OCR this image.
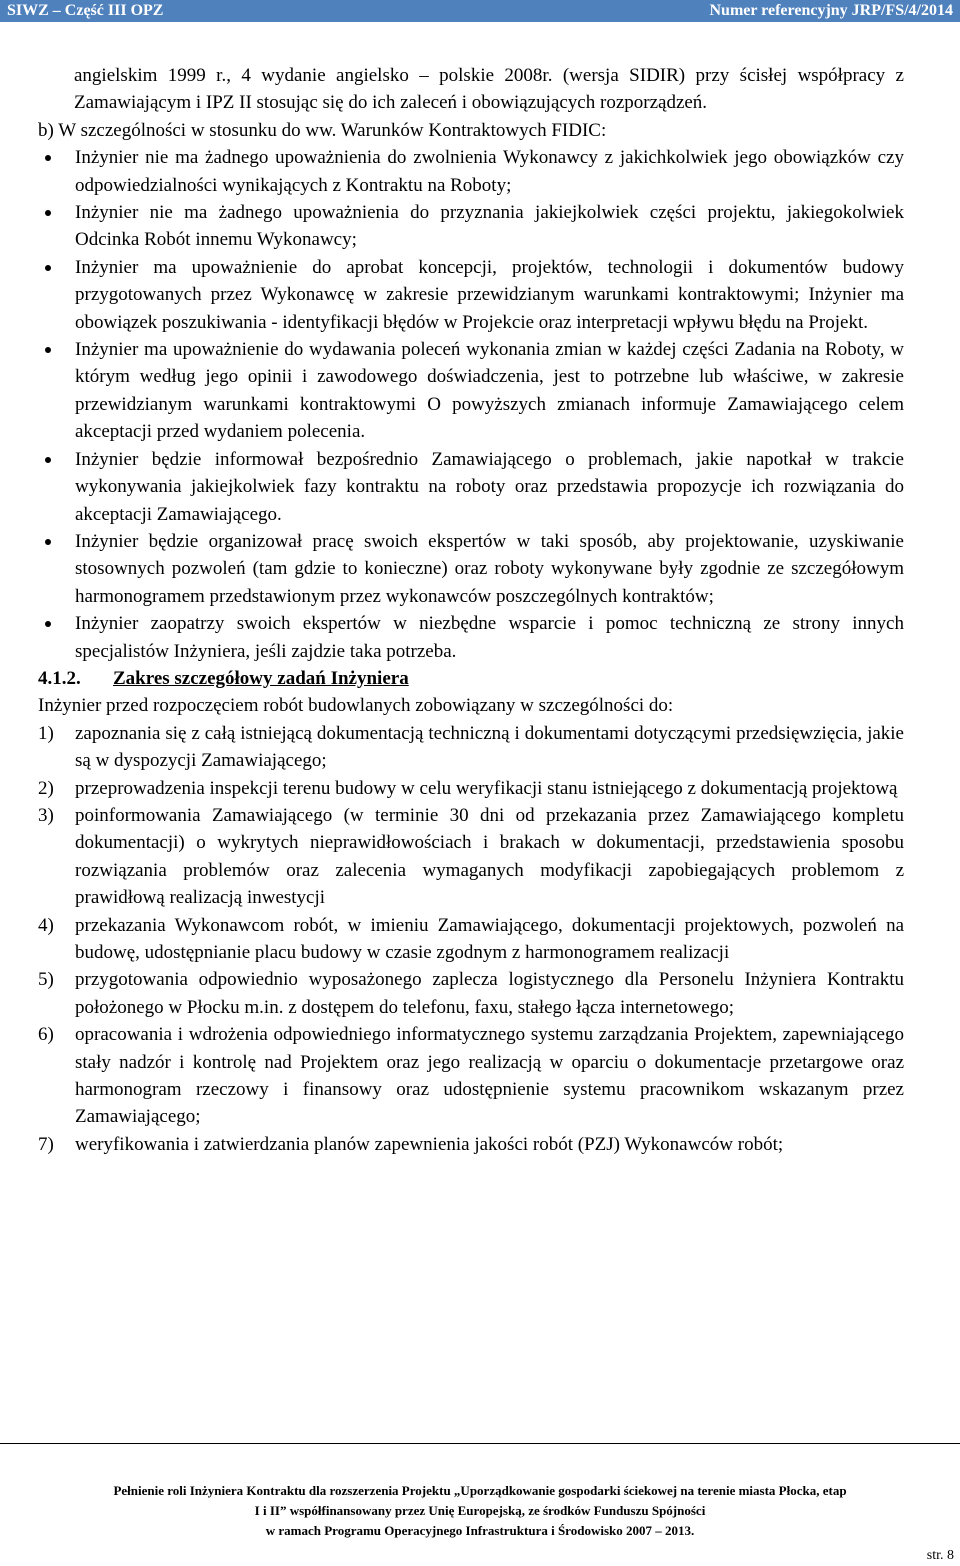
SIWZ – Część III OPZ	Numer referencyjny JRP/FS/4/2014
angielskim 1999 r., 4 wydanie angielsko – polskie 2008r. (wersja SIDIR) przy ścisłej współpracy z Zamawiającym i IPZ II stosując się do ich zaleceń i obowiązujących rozporządzeń.
b) W szczególności w stosunku do ww. Warunków Kontraktowych FIDIC:
Inżynier nie ma żadnego upoważnienia do zwolnienia Wykonawcy z jakichkolwiek jego obowiązków czy odpowiedzialności wynikających z Kontraktu na Roboty;
Inżynier nie ma żadnego upoważnienia do przyznania jakiejkolwiek części projektu, jakiegokolwiek Odcinka Robót innemu Wykonawcy;
Inżynier ma upoważnienie do aprobat koncepcji, projektów, technologii i dokumentów budowy przygotowanych przez Wykonawcę w zakresie przewidzianym warunkami kontraktowymi; Inżynier ma obowiązek poszukiwania - identyfikacji błędów w Projekcie oraz interpretacji wpływu błędu na Projekt.
Inżynier ma upoważnienie do wydawania poleceń wykonania zmian w każdej części Zadania na Roboty, w którym według jego opinii i zawodowego doświadczenia, jest to potrzebne lub właściwe, w zakresie przewidzianym warunkami kontraktowymi O powyższych zmianach informuje Zamawiającego celem akceptacji przed wydaniem polecenia.
Inżynier będzie informował bezpośrednio Zamawiającego o problemach, jakie napotkał w trakcie wykonywania jakiejkolwiek fazy kontraktu na roboty oraz przedstawia propozycje ich rozwiązania do akceptacji Zamawiającego.
Inżynier będzie organizował pracę swoich ekspertów w taki sposób, aby projektowanie, uzyskiwanie stosownych pozwoleń (tam gdzie to konieczne) oraz roboty wykonywane były zgodnie ze szczegółowym harmonogramem przedstawionym przez wykonawców poszczególnych kontraktów;
Inżynier zaopatrzy swoich ekspertów w niezbędne wsparcie i pomoc techniczną ze strony innych specjalistów Inżyniera, jeśli zajdzie taka potrzeba.
4.1.2. Zakres szczegółowy zadań Inżyniera
Inżynier przed rozpoczęciem robót budowlanych zobowiązany w szczególności do:
1) zapoznania się z całą istniejącą dokumentacją techniczną i dokumentami dotyczącymi przedsięwzięcia, jakie są w dyspozycji Zamawiającego;
2) przeprowadzenia inspekcji terenu budowy w celu weryfikacji stanu istniejącego z dokumentacją projektową
3) poinformowania Zamawiającego (w terminie 30 dni od przekazania przez Zamawiającego kompletu dokumentacji) o wykrytych nieprawidłowościach i brakach w dokumentacji, przedstawienia sposobu rozwiązania problemów oraz zalecenia wymaganych modyfikacji zapobiegających problemom z prawidłową realizacją inwestycji
4) przekazania Wykonawcom robót, w imieniu Zamawiającego, dokumentacji projektowych, pozwoleń na budowę, udostępnianie placu budowy w czasie zgodnym z harmonogramem realizacji
5) przygotowania odpowiednio wyposażonego zaplecza logistycznego dla Personelu Inżyniera Kontraktu położonego w Płocku m.in. z dostępem do telefonu, faxu, stałego łącza internetowego;
6) opracowania i wdrożenia odpowiedniego informatycznego systemu zarządzania Projektem, zapewniającego stały nadzór i kontrolę nad Projektem oraz jego realizacją w oparciu o dokumentacje przetargowe oraz harmonogram rzeczowy i finansowy oraz udostępnienie systemu pracownikom wskazanym przez Zamawiającego;
7) weryfikowania i zatwierdzania planów zapewnienia jakości robót (PZJ) Wykonawców robót;
Pełnienie roli Inżyniera Kontraktu dla rozszerzenia Projektu „Uporządkowanie gospodarki ściekowej na terenie miasta Płocka, etap
I i II” współfinansowany przez Unię Europejską, ze środków Funduszu Spójności
w ramach Programu Operacyjnego Infrastruktura i Środowisko 2007 – 2013.
str. 8
